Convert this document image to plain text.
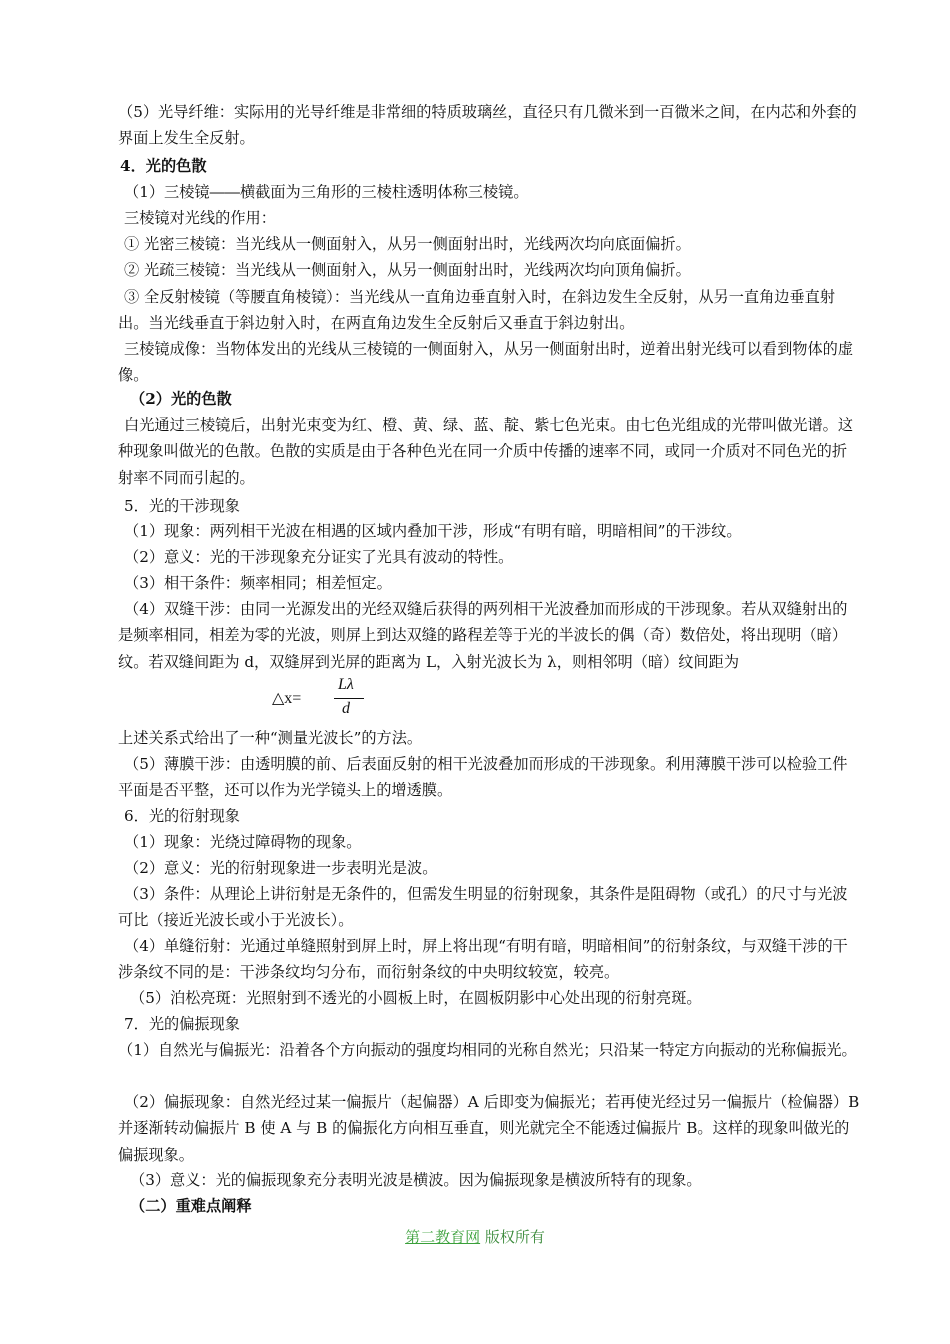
（5）光导纤维：实际用的光导纤维是非常细的特质玻璃丝，直径只有几微米到一百微米之间，在内芯和外套的界面上发生全反射。

4．光的色散

（1）三棱镜――横截面为三角形的三棱柱透明体称三棱镜。

三棱镜对光线的作用：

① 光密三棱镜：当光线从一侧面射入，从另一侧面射出时，光线两次均向底面偏折。

② 光疏三棱镜：当光线从一侧面射入，从另一侧面射出时，光线两次均向顶角偏折。

③ 全反射棱镜（等腰直角棱镜）：当光线从一直角边垂直射入时，在斜边发生全反射，从另一直角边垂直射出。当光线垂直于斜边射入时，在两直角边发生全反射后又垂直于斜边射出。

三棱镜成像：当物体发出的光线从三棱镜的一侧面射入，从另一侧面射出时，逆着出射光线可以看到物体的虚像。

（2）光的色散

白光通过三棱镜后，出射光束变为红、橙、黄、绿、蓝、靛、紫七色光束。由七色光组成的光带叫做光谱。这种现象叫做光的色散。色散的实质是由于各种色光在同一介质中传播的速率不同，或同一介质对不同色光的折射率不同而引起的。

5．光的干涉现象

（1）现象：两列相干光波在相遇的区域内叠加干涉，形成“有明有暗，明暗相间”的干涉纹。

（2）意义：光的干涉现象充分证实了光具有波动的特性。

（3）相干条件：频率相同；相差恒定。

（4）双缝干涉：由同一光源发出的光经双缝后获得的两列相干光波叠加而形成的干涉现象。若从双缝射出的是频率相同，相差为零的光波，则屏上到达双缝的路程差等于光的半波长的偶（奇）数倍处，将出现明（暗）纹。若双缝间距为 d，双缝屏到光屏的距离为 L，入射光波长为 λ，则相邻明（暗）纹间距为

△x=
Lλ
d

上述关系式给出了一种“测量光波长”的方法。

（5）薄膜干涉：由透明膜的前、后表面反射的相干光波叠加而形成的干涉现象。利用薄膜干涉可以检验工件平面是否平整，还可以作为光学镜头上的增透膜。

6．光的衍射现象

（1）现象：光绕过障碍物的现象。

（2）意义：光的衍射现象进一步表明光是波。

（3）条件：从理论上讲衍射是无条件的，但需发生明显的衍射现象，其条件是阻碍物（或孔）的尺寸与光波可比（接近光波长或小于光波长）。

（4）单缝衍射：光通过单缝照射到屏上时，屏上将出现“有明有暗，明暗相间”的衍射条纹，与双缝干涉的干涉条纹不同的是：干涉条纹均匀分布，而衍射条纹的中央明纹较宽，较亮。

（5）泊松亮斑：光照射到不透光的小圆板上时，在圆板阴影中心处出现的衍射亮斑。

7．光的偏振现象

（1）自然光与偏振光：沿着各个方向振动的强度均相同的光称自然光；只沿某一特定方向振动的光称偏振光。

（2）偏振现象：自然光经过某一偏振片（起偏器）A 后即变为偏振光；若再使光经过另一偏振片（检偏器）B 并逐渐转动偏振片 B 使 A 与 B 的偏振化方向相互垂直，则光就完全不能透过偏振片 B。这样的现象叫做光的偏振现象。

（3）意义：光的偏振现象充分表明光波是横波。因为偏振现象是横波所特有的现象。

（二）重难点阐释

第二教育网 版权所有
